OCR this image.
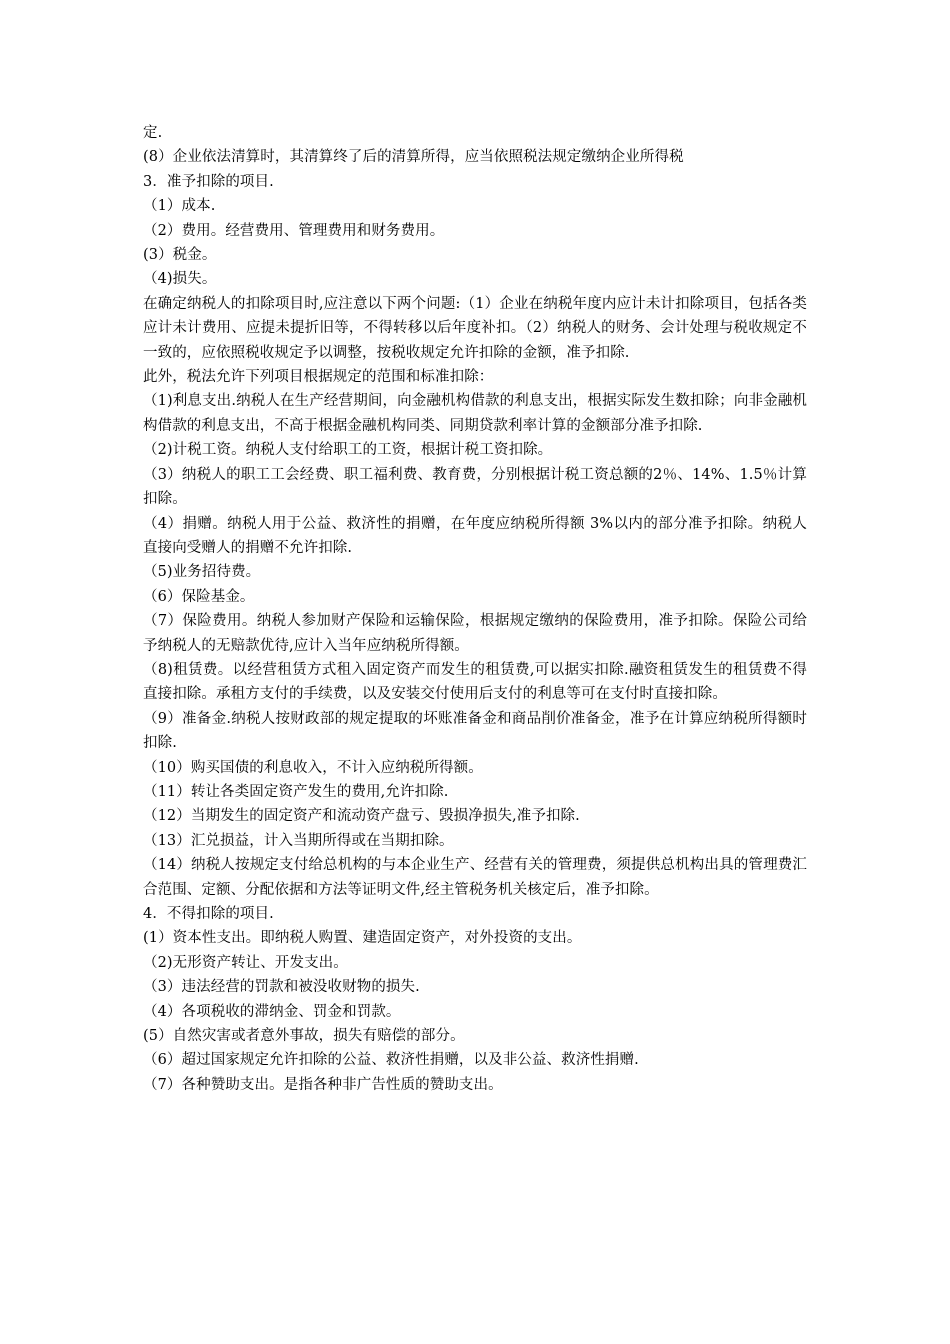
定.

(8）企业依法清算时，其清算终了后的清算所得，应当依照税法规定缴纳企业所得税

3．准予扣除的项目.

（1）成本.

（2）费用。经营费用、管理费用和财务费用。

(3）税金。

（4)损失。

在确定纳税人的扣除项目时,应注意以下两个问题:（1）企业在纳税年度内应计未计扣除项目，包括各类应计未计费用、应提未提折旧等，不得转移以后年度补扣。（2）纳税人的财务、会计处理与税收规定不一致的，应依照税收规定予以调整，按税收规定允许扣除的金额，准予扣除.

此外，税法允许下列项目根据规定的范围和标准扣除：

（1)利息支出.纳税人在生产经营期间，向金融机构借款的利息支出，根据实际发生数扣除；向非金融机构借款的利息支出，不高于根据金融机构同类、同期贷款利率计算的金额部分准予扣除.

（2)计税工资。纳税人支付给职工的工资，根据计税工资扣除。

（3）纳税人的职工工会经费、职工福利费、教育费，分别根据计税工资总额的2％、14%、1.5％计算扣除。

（4）捐赠。纳税人用于公益、救济性的捐赠，在年度应纳税所得额 3%以内的部分准予扣除。纳税人直接向受赠人的捐赠不允许扣除.

（5)业务招待费。

（6）保险基金。

（7）保险费用。纳税人参加财产保险和运输保险，根据规定缴纳的保险费用，准予扣除。保险公司给予纳税人的无赔款优待,应计入当年应纳税所得额。

（8)租赁费。以经营租赁方式租入固定资产而发生的租赁费,可以据实扣除.融资租赁发生的租赁费不得直接扣除。承租方支付的手续费，以及安装交付使用后支付的利息等可在支付时直接扣除。

（9）准备金.纳税人按财政部的规定提取的坏账准备金和商品削价准备金，准予在计算应纳税所得额时扣除.

（10）购买国债的利息收入，不计入应纳税所得额。

（11）转让各类固定资产发生的费用,允许扣除.

（12）当期发生的固定资产和流动资产盘亏、毁损净损失,准予扣除.

（13）汇兑损益，计入当期所得或在当期扣除。

（14）纳税人按规定支付给总机构的与本企业生产、经营有关的管理费，须提供总机构出具的管理费汇合范围、定额、分配依据和方法等证明文件,经主管税务机关核定后，准予扣除。

4．不得扣除的项目.

(1）资本性支出。即纳税人购置、建造固定资产，对外投资的支出。

（2)无形资产转让、开发支出。

（3）违法经营的罚款和被没收财物的损失.

（4）各项税收的滞纳金、罚金和罚款。

(5）自然灾害或者意外事故，损失有赔偿的部分。

（6）超过国家规定允许扣除的公益、救济性捐赠，以及非公益、救济性捐赠.

（7）各种赞助支出。是指各种非广告性质的赞助支出。
